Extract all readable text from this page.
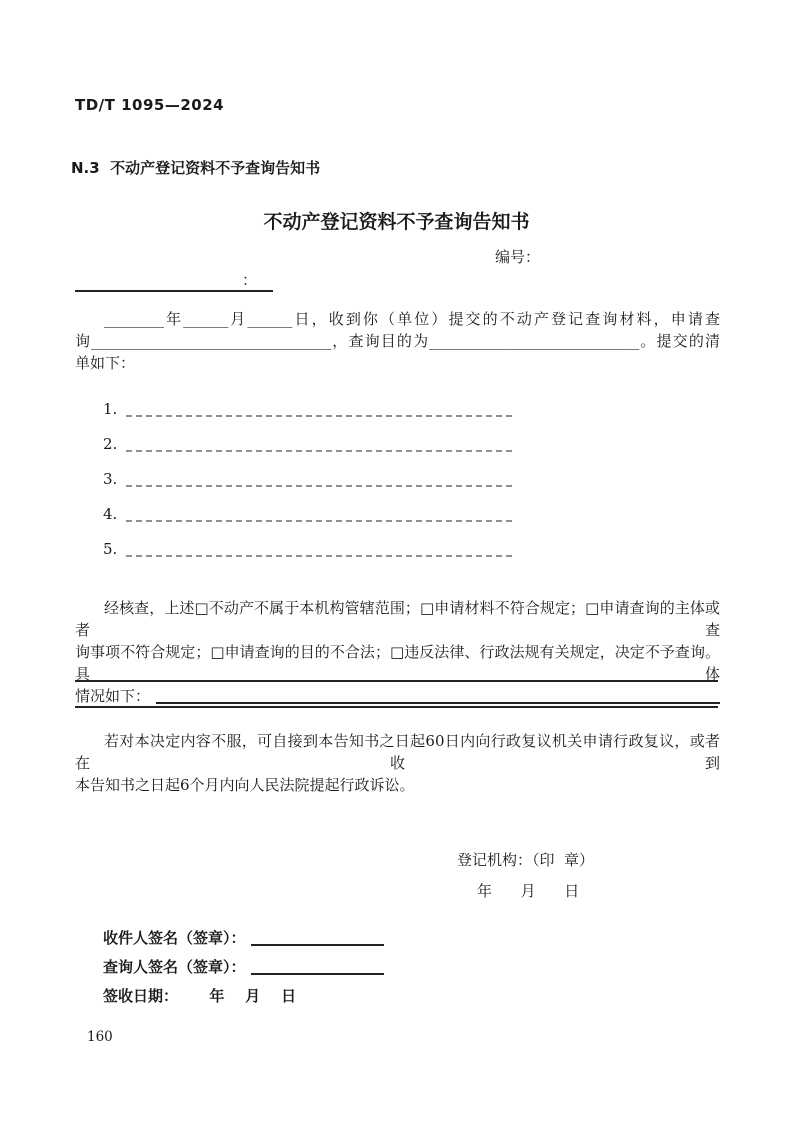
TD/T 1095—2024
N.3  不动产登记资料不予查询告知书
不动产登记资料不予查询告知书
编号：
：
________年______月______日，收到你（单位）提交的不动产登记查询材料，申请查
询________________________________，查询目的为____________________________。提交的清
单如下：
1.
2.
3.
4.
5.
经核查，上述□不动产不属于本机构管辖范围；□申请材料不符合规定；□申请查询的主体或者查
询事项不符合规定；□申请查询的目的不合法；□违反法律、行政法规有关规定，决定不予查询。具体
情况如下：
若对本决定内容不服，可自接到本告知书之日起60日内向行政复议机关申请行政复议，或者在收到
本告知书之日起6个月内向人民法院提起行政诉讼。
登记机构：（印  章）
年      月      日
收件人签名（签章）：
查询人签名（签章）：
签收日期：      年    月    日
160
